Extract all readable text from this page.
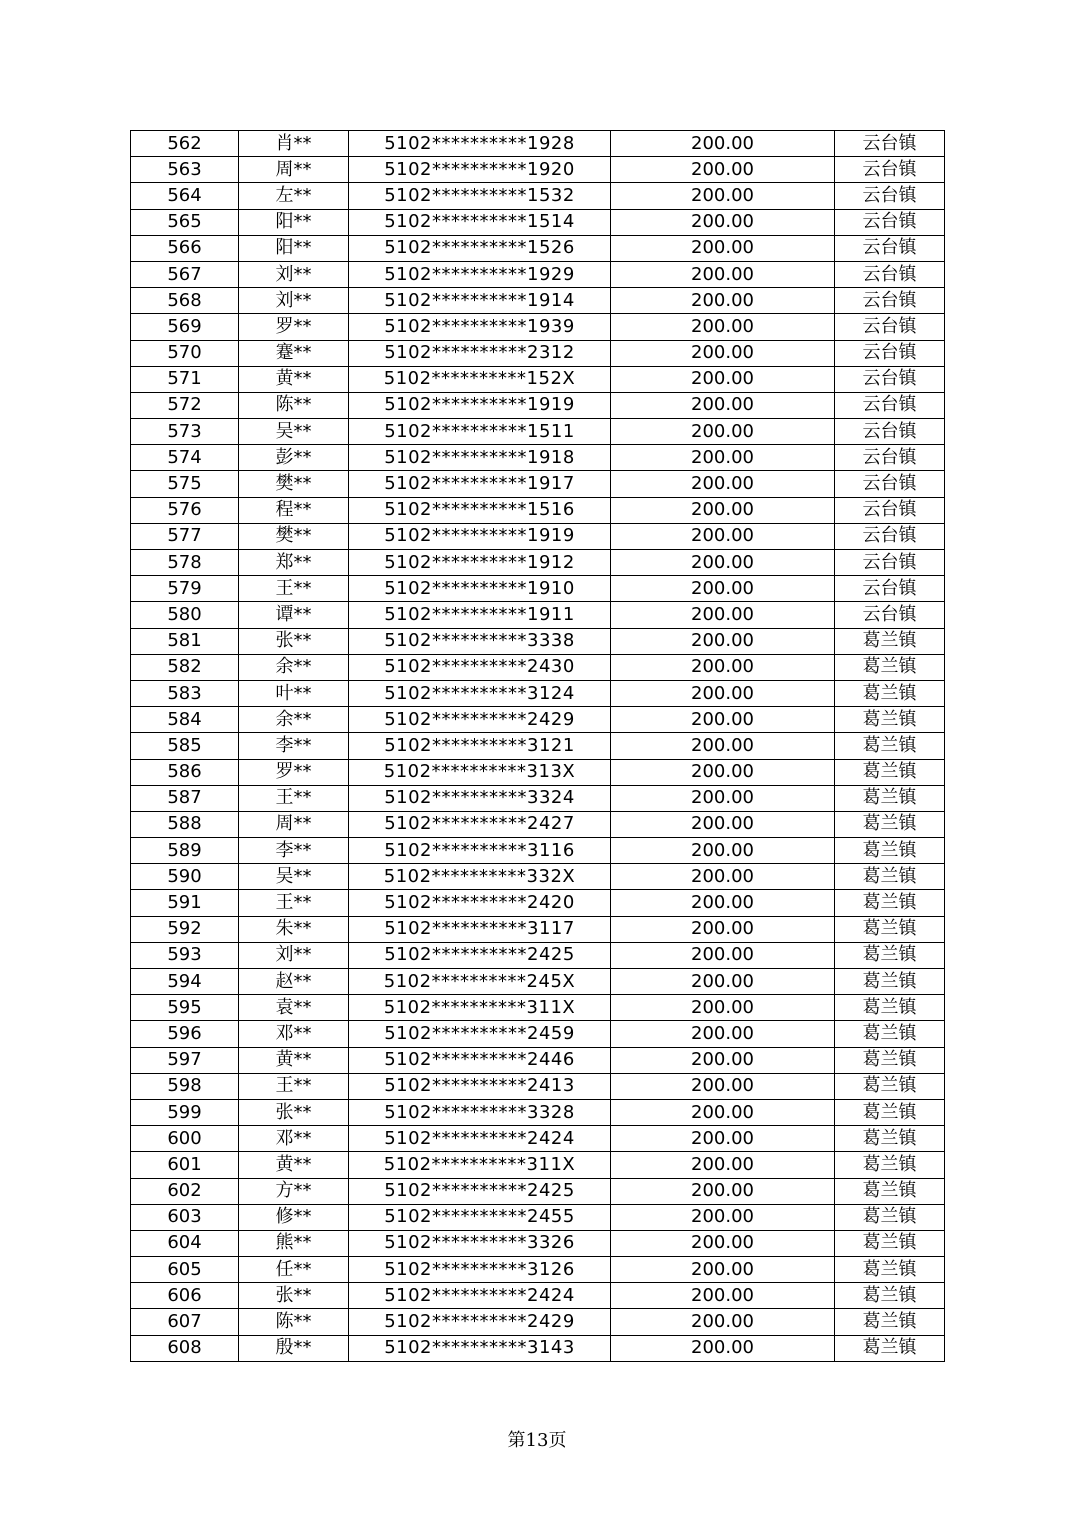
562	肖**	5102**********1928	200.00	云台镇
563	周**	5102**********1920	200.00	云台镇
564	左**	5102**********1532	200.00	云台镇
565	阳**	5102**********1514	200.00	云台镇
566	阳**	5102**********1526	200.00	云台镇
567	刘**	5102**********1929	200.00	云台镇
568	刘**	5102**********1914	200.00	云台镇
569	罗**	5102**********1939	200.00	云台镇
570	蹇**	5102**********2312	200.00	云台镇
571	黄**	5102**********152X	200.00	云台镇
572	陈**	5102**********1919	200.00	云台镇
573	吴**	5102**********1511	200.00	云台镇
574	彭**	5102**********1918	200.00	云台镇
575	樊**	5102**********1917	200.00	云台镇
576	程**	5102**********1516	200.00	云台镇
577	樊**	5102**********1919	200.00	云台镇
578	郑**	5102**********1912	200.00	云台镇
579	王**	5102**********1910	200.00	云台镇
580	谭**	5102**********1911	200.00	云台镇
581	张**	5102**********3338	200.00	葛兰镇
582	余**	5102**********2430	200.00	葛兰镇
583	叶**	5102**********3124	200.00	葛兰镇
584	余**	5102**********2429	200.00	葛兰镇
585	李**	5102**********3121	200.00	葛兰镇
586	罗**	5102**********313X	200.00	葛兰镇
587	王**	5102**********3324	200.00	葛兰镇
588	周**	5102**********2427	200.00	葛兰镇
589	李**	5102**********3116	200.00	葛兰镇
590	吴**	5102**********332X	200.00	葛兰镇
591	王**	5102**********2420	200.00	葛兰镇
592	朱**	5102**********3117	200.00	葛兰镇
593	刘**	5102**********2425	200.00	葛兰镇
594	赵**	5102**********245X	200.00	葛兰镇
595	袁**	5102**********311X	200.00	葛兰镇
596	邓**	5102**********2459	200.00	葛兰镇
597	黄**	5102**********2446	200.00	葛兰镇
598	王**	5102**********2413	200.00	葛兰镇
599	张**	5102**********3328	200.00	葛兰镇
600	邓**	5102**********2424	200.00	葛兰镇
601	黄**	5102**********311X	200.00	葛兰镇
602	方**	5102**********2425	200.00	葛兰镇
603	修**	5102**********2455	200.00	葛兰镇
604	熊**	5102**********3326	200.00	葛兰镇
605	任**	5102**********3126	200.00	葛兰镇
606	张**	5102**********2424	200.00	葛兰镇
607	陈**	5102**********2429	200.00	葛兰镇
608	殷**	5102**********3143	200.00	葛兰镇
第13页
